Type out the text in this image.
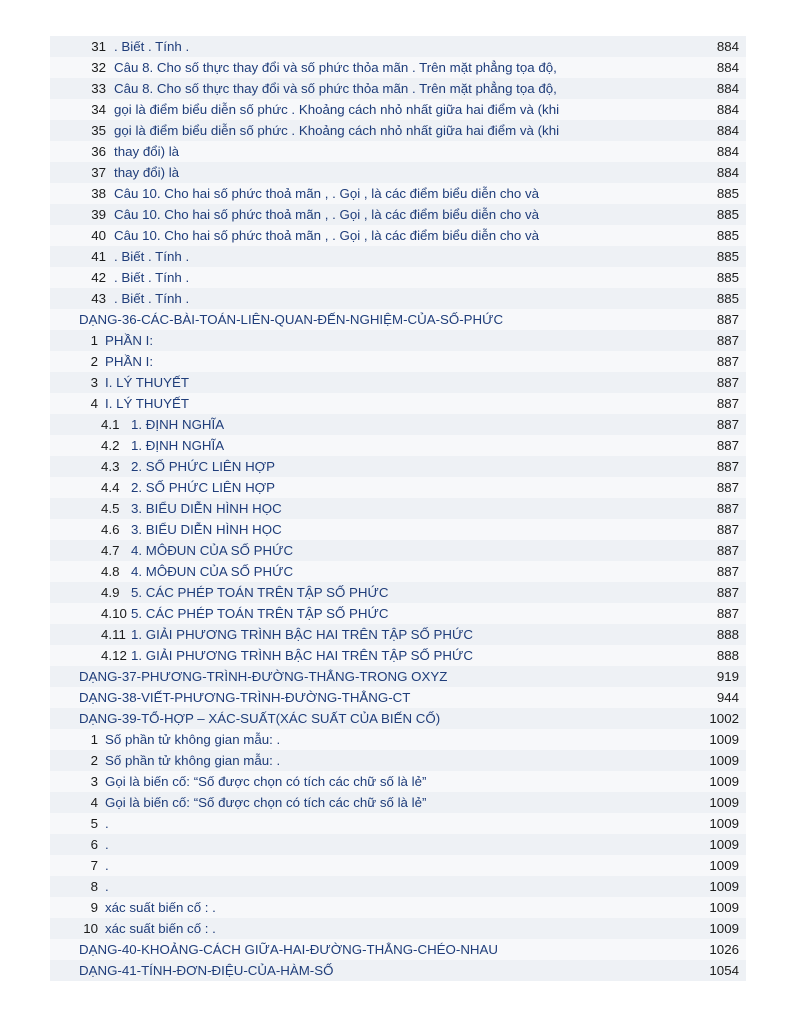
31 . Biết . Tính .	884
32 Câu 8. Cho số thực thay đổi và số phức thỏa mãn . Trên mặt phẳng tọa độ,	884
33 Câu 8. Cho số thực thay đổi và số phức thỏa mãn . Trên mặt phẳng tọa độ,	884
34 gọi là điểm biểu diễn số phức . Khoảng cách nhỏ nhất giữa hai điểm và (khi	884
35 gọi là điểm biểu diễn số phức . Khoảng cách nhỏ nhất giữa hai điểm và (khi	884
36 thay đổi) là	884
37 thay đổi) là	884
38 Câu 10. Cho hai số phức thoả mãn , . Gọi , là các điểm biểu diễn cho và	885
39 Câu 10. Cho hai số phức thoả mãn , . Gọi , là các điểm biểu diễn cho và	885
40 Câu 10. Cho hai số phức thoả mãn , . Gọi , là các điểm biểu diễn cho và	885
41 . Biết . Tính .	885
42 . Biết . Tính .	885
43 . Biết . Tính .	885
DẠNG-36-CÁC-BÀI-TOÁN-LIÊN-QUAN-ĐẾN-NGHIỆM-CỦA-SỐ-PHỨC	887
1 PHẦN I:	887
2 PHẦN I:	887
3 I. LÝ THUYẾT	887
4 I. LÝ THUYẾT	887
4.1 1. ĐỊNH NGHĨA	887
4.2 1. ĐỊNH NGHĨA	887
4.3 2. SỐ PHỨC LIÊN HỢP	887
4.4 2. SỐ PHỨC LIÊN HỢP	887
4.5 3. BIỂU DIỄN HÌNH HỌC	887
4.6 3. BIỂU DIỄN HÌNH HỌC	887
4.7 4. MÔĐUN CỦA SỐ PHỨC	887
4.8 4. MÔĐUN CỦA SỐ PHỨC	887
4.9 5. CÁC PHÉP TOÁN TRÊN TẬP SỐ PHỨC	887
4.10 5. CÁC PHÉP TOÁN TRÊN TẬP SỐ PHỨC	887
4.11 1. GIẢI PHƯƠNG TRÌNH BẬC HAI TRÊN TẬP SỐ PHỨC	888
4.12 1. GIẢI PHƯƠNG TRÌNH BẬC HAI TRÊN TẬP SỐ PHỨC	888
DẠNG-37-PHƯƠNG-TRÌNH-ĐƯỜNG-THẲNG-TRONG OXYZ	919
DẠNG-38-VIẾT-PHƯƠNG-TRÌNH-ĐƯỜNG-THẲNG-CT	944
DẠNG-39-TỔ-HỢP – XÁC-SUẤT(XÁC SUẤT CỦA BIẾN CỐ)	1002
1 Số phần tử không gian mẫu: .	1009
2 Số phần tử không gian mẫu: .	1009
3 Gọi là biến cố: “Số được chọn có tích các chữ số là lẻ”	1009
4 Gọi là biến cố: “Số được chọn có tích các chữ số là lẻ”	1009
5 .	1009
6 .	1009
7 .	1009
8 .	1009
9 xác suất biến cố : .	1009
10 xác suất biến cố : .	1009
DẠNG-40-KHOẢNG-CÁCH GIỮA-HAI-ĐƯỜNG-THẲNG-CHÉO-NHAU	1026
DẠNG-41-TÍNH-ĐƠN-ĐIỆU-CỦA-HÀM-SỐ	1054
